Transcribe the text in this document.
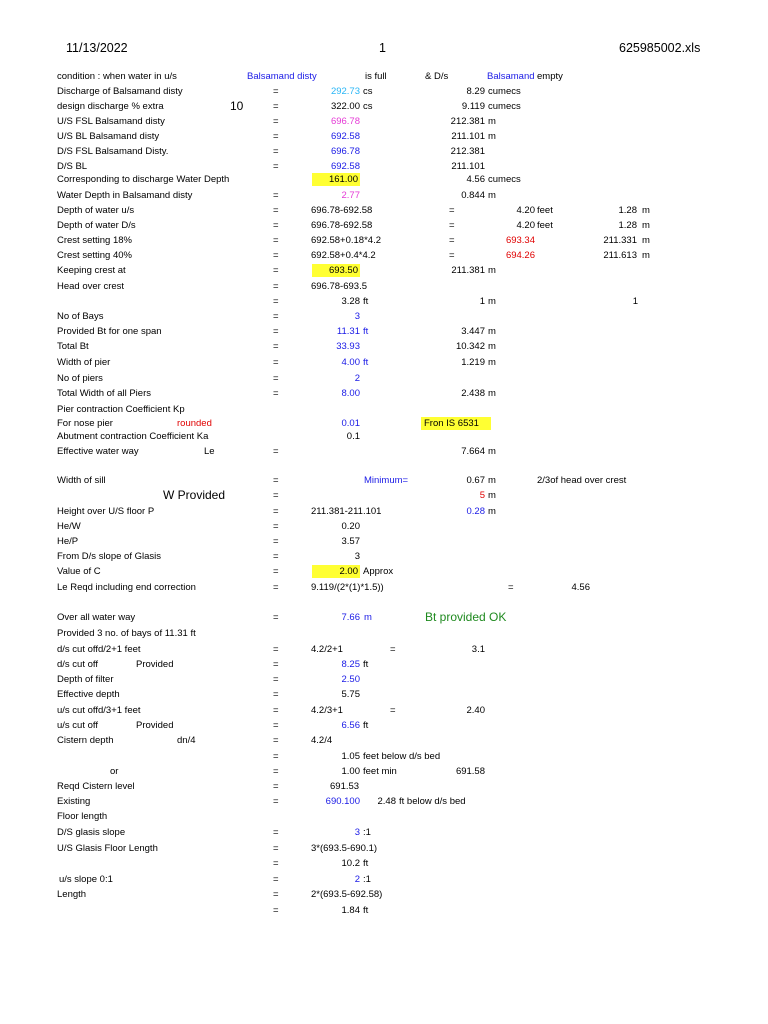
11/13/2022	1	625985002.xls
condition : when water in u/s	Balsamand disty	is full	& D/s	Balsamand empty
Discharge of Balsamand disty	=	292.73 cs	8.29 cumecs
design discharge % extra	10	=	322.00 cs	9.119 cumecs
U/S FSL Balsamand disty	=	696.78	212.381 m
U/S BL Balsamand disty	=	692.58	211.101 m
D/S FSL Balsamand Disty.	=	696.78	212.381
D/S BL	=	692.58	211.101
Corresponding to discharge Water Depth	161.00	4.56 cumecs
Water Depth in Balsamand disty	=	2.77	0.844 m
Depth of water u/s	=	696.78-692.58	=	4.20 feet	1.28 m
Depth of water D/s	=	696.78-692.58	=	4.20 feet	1.28 m
Crest setting 18%	=	692.58+0.18*4.2	=	693.34	211.331 m
Crest setting 40%	=	692.58+0.4*4.2	=	694.26	211.613 m
Keeping crest at	=	693.50	211.381 m
Head over crest	=	696.78-693.5
=	3.28 ft	1 m	1
No of Bays	=	3
Provided Bt for one span	=	11.31 ft	3.447 m
Total Bt	=	33.93	10.342 m
Width of pier	=	4.00 ft	1.219 m
No of piers	=	2
Total Width of all Piers	=	8.00	2.438 m
Pier contraction Coefficient Kp
For nose pier	rounded	0.01	Fron IS 6531
Abutment contraction Coefficient Ka	0.1
Effective water way	Le	=	7.664 m
Width of sill	=	Minimum=	0.67 m	2/3of head over crest
W Provided	=	5 m
Height over U/S floor P	=	211.381-211.101	0.28 m
He/W	=	0.20
He/P	=	3.57
From D/s slope of Glasis	=	3
Value of C	=	2.00 Approx
Le Reqd including end correction	=	9.119/(2*(1)*1.5))	=	4.56
Over all water way	=	7.66 m	Bt provided OK
Provided 3 no. of bays of 11.31 ft
d/s cut off d/2+1 feet	=	4.2/2+1	=	3.1
d/s cut off	Provided	=	8.25 ft
Depth of filter	=	2.50
Effective depth	=	5.75
u/s cut off d/3+1 feet	=	4.2/3+1	=	2.40
u/s cut off	Provided	=	6.56 ft
Cistern depth	dn/4	=	4.2/4
=	1.05 feet below d/s bed
or	=	1.00 feet min	691.58
Reqd Cistern level	=	691.53
Existing	=	690.100	2.48 ft below d/s bed
Floor length
D/S glasis slope	=	3 :1
U/S Glasis Floor Length	=	3*(693.5-690.1)
=	10.2 ft
u/s slope 0:1	=	2 :1
Length	=	2*(693.5-692.58)
=	1.84 ft
